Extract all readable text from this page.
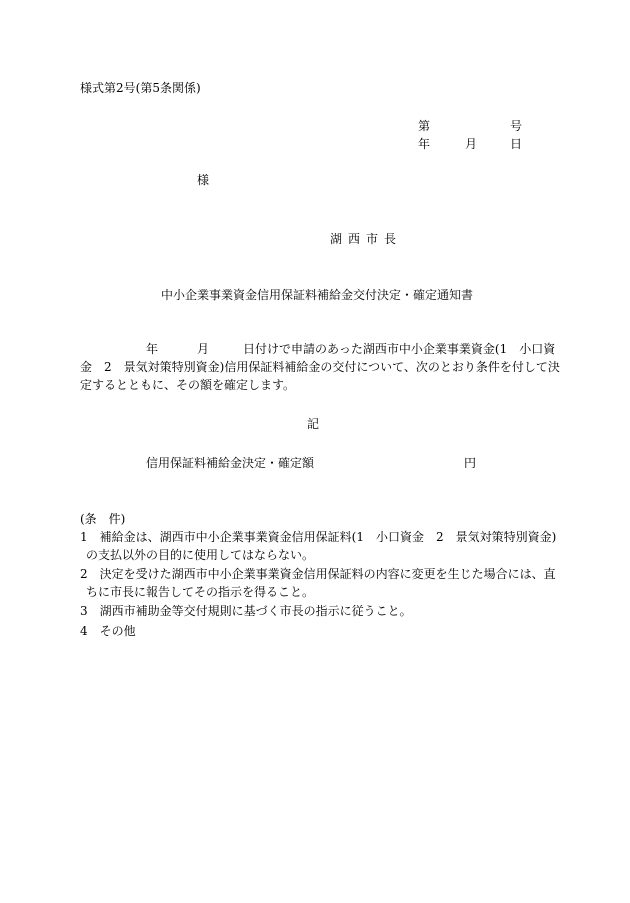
様式第2号(第5条関係)
第	号
年	月	日
様
湖西市長
中小企業事業資金信用保証料補給金交付決定・確定通知書
年	月	日付けで申請のあった湖西市中小企業事業資金(1　小口資
金　2　景気対策特別資金)信用保証料補給金の交付について、次のとおり条件を付して決
定するとともに、その額を確定します。
記
信用保証料補給金決定・確定額	円
(条　件)
1　補給金は、湖西市中小企業事業資金信用保証料(1　小口資金　2　景気対策特別資金)
の支払以外の目的に使用してはならない。
2　決定を受けた湖西市中小企業事業資金信用保証料の内容に変更を生じた場合には、直
ちに市長に報告してその指示を得ること。
3　湖西市補助金等交付規則に基づく市長の指示に従うこと。
4　その他
